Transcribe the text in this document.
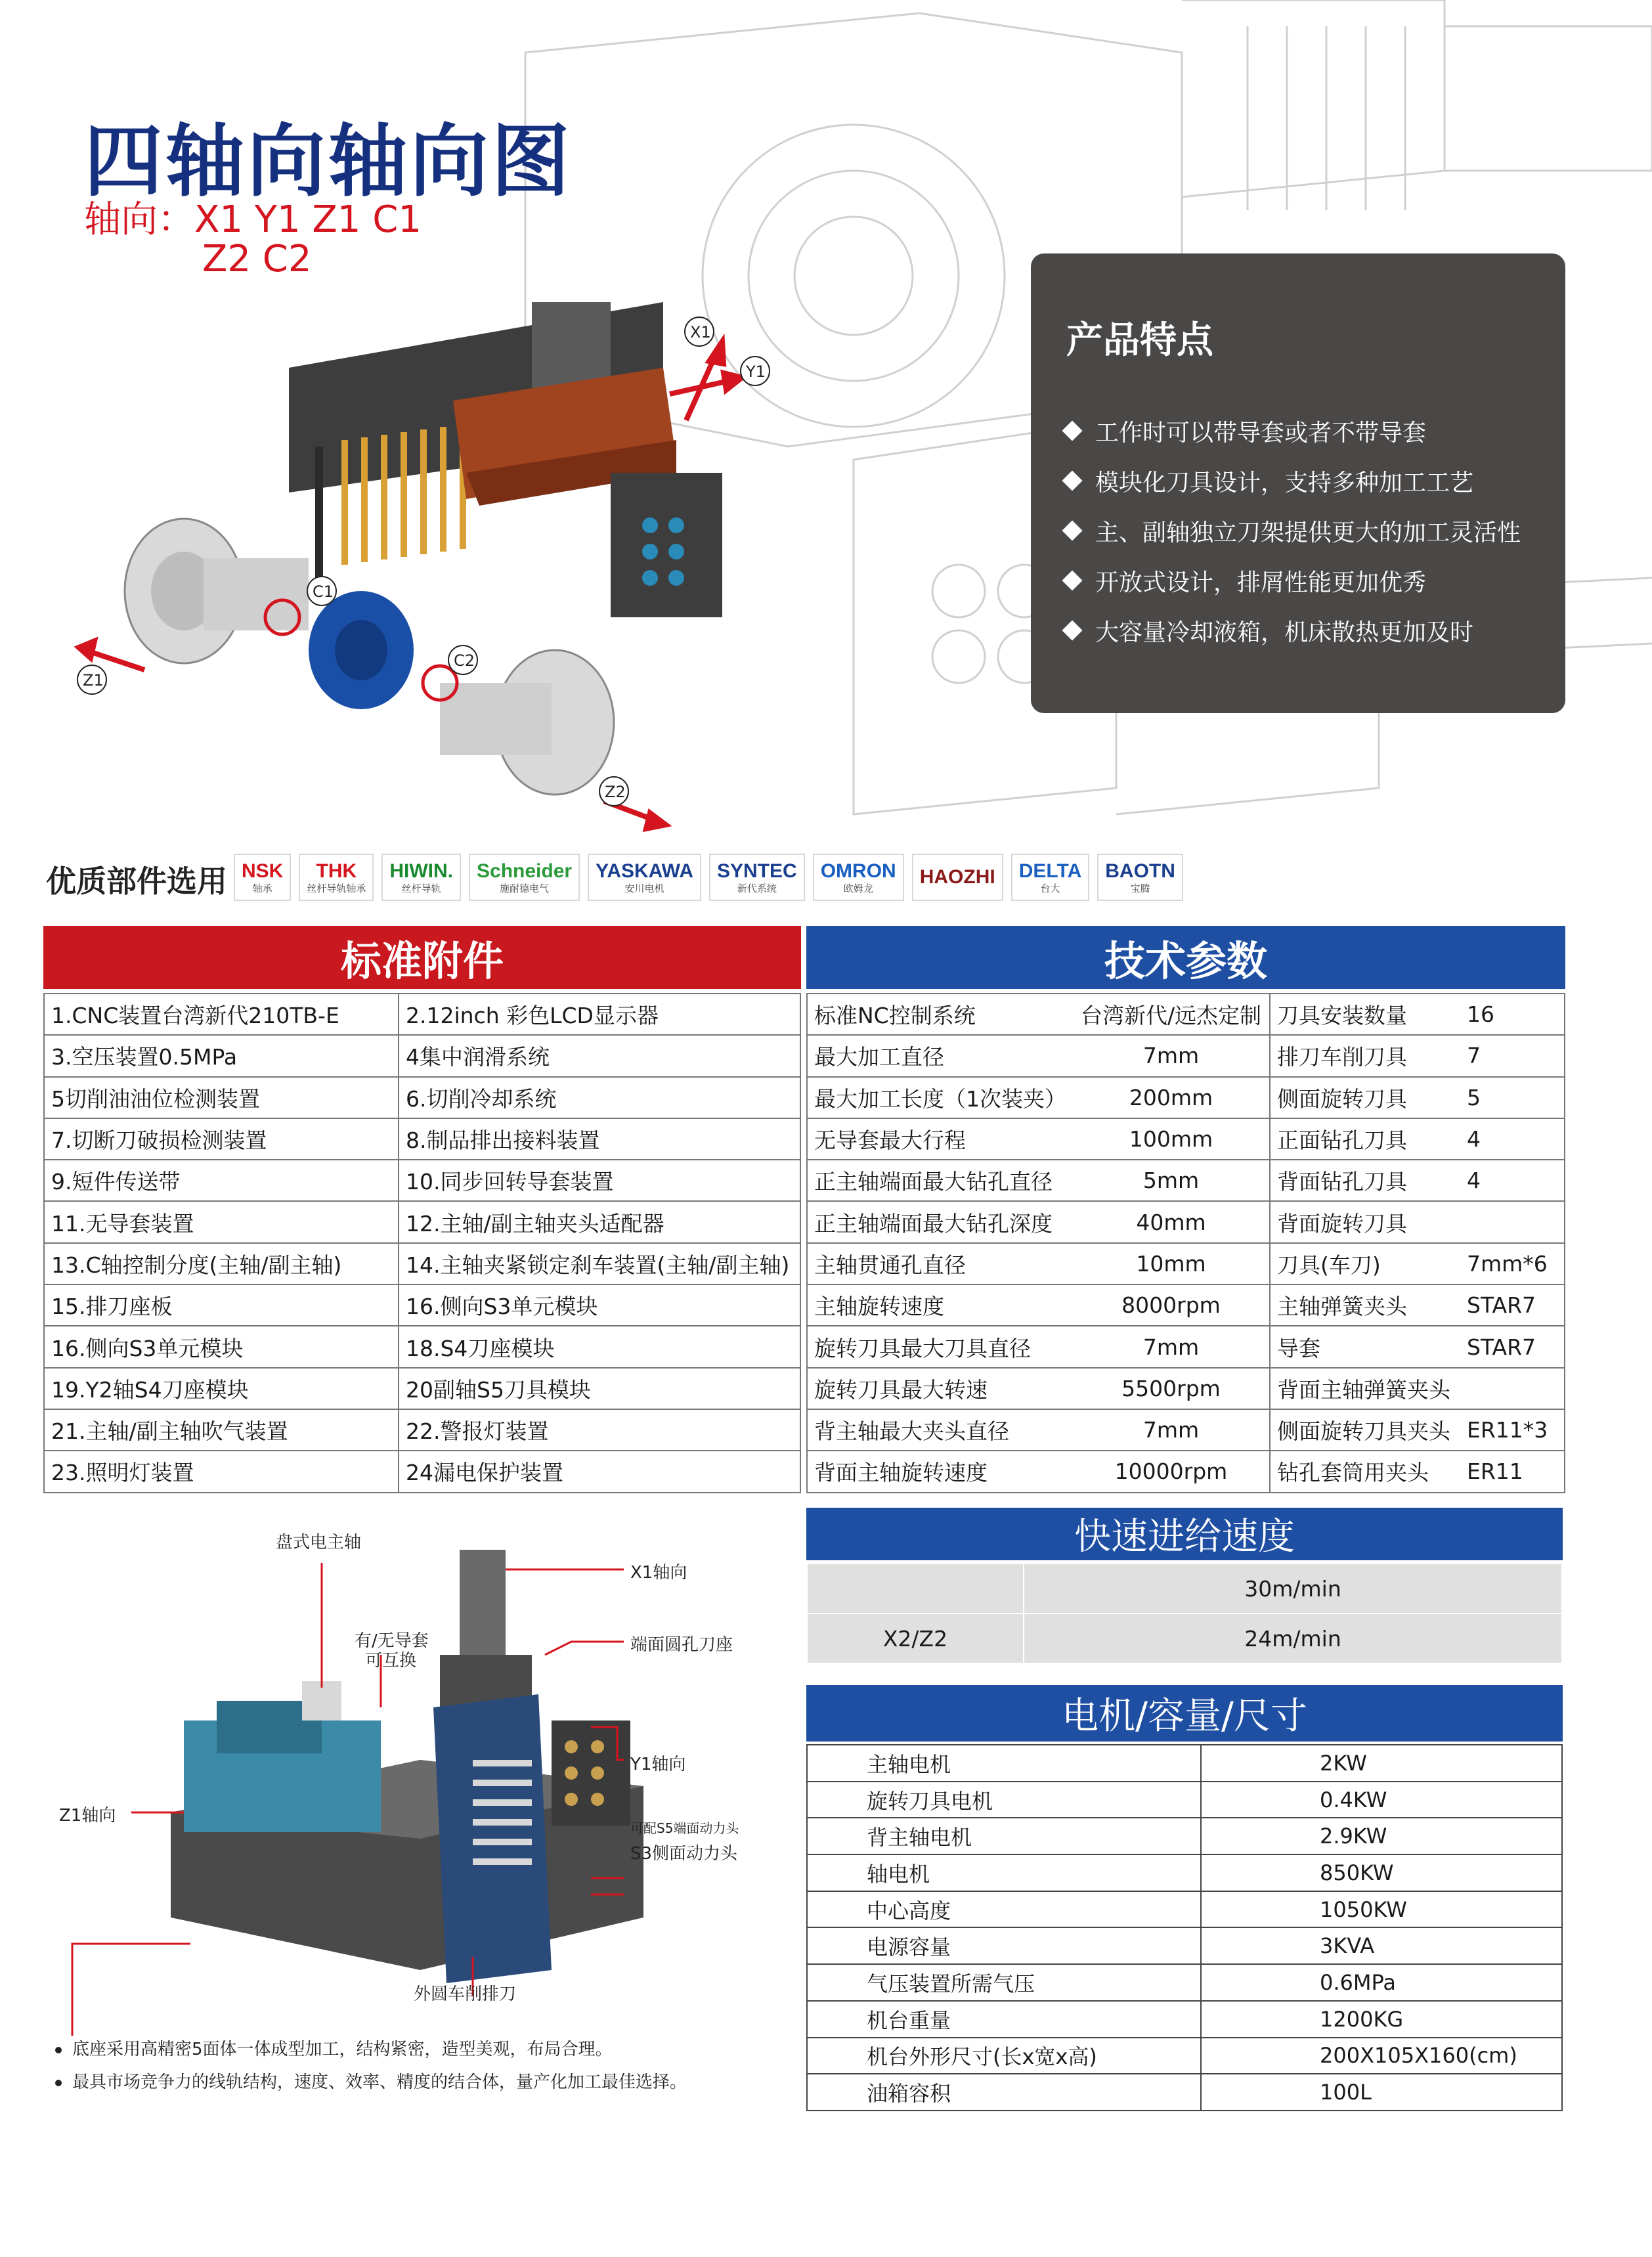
四轴向轴向图
轴向：X1 Y1 Z1 C1
Z2 C2
X1
Y1
Z1
C1
C2
Z2
产品特点
工作时可以带导套或者不带导套
模块化刀具设计，支持多种加工工艺
主、副轴独立刀架提供更大的加工灵活性
开放式设计，排屑性能更加优秀
大容量冷却液箱，机床散热更加及时
优质部件选用 NSK
轴承
THK
丝杆导轨轴承
HIWIN.
丝杆导轨
Schneider
施耐德电气
YASKAWA
安川电机
SYNTEC
新代系统
OMRON
欧姆龙
HAOZHI DELTA
台大
BAOTN
宝腾
标准附件	技术参数
1.CNC装置台湾新代210TB-E	2.12inch 彩色LCD显示器
3.空压装置0.5MPa	4集中润滑系统
5切削油油位检测装置	6.切削冷却系统
7.切断刀破损检测装置	8.制品排出接料装置
9.短件传送带	10.同步回转导套装置
11.无导套装置	12.主轴/副主轴夹头适配器
13.C轴控制分度(主轴/副主轴)	14.主轴夹紧锁定刹车装置(主轴/副主轴)
15.排刀座板	16.侧向S3单元模块
16.侧向S3单元模块	18.S4刀座模块
19.Y2轴S4刀座模块	20副轴S5刀具模块
21.主轴/副主轴吹气装置	22.警报灯装置
23.照明灯装置	24漏电保护装置
标准NC控制系统	台湾新代/远杰定制	刀具安装数量	16
最大加工直径	7mm	排刀车削刀具	7
最大加工长度（1次装夹）	200mm	侧面旋转刀具	5
无导套最大行程	100mm	正面钻孔刀具	4
正主轴端面最大钻孔直径	5mm	背面钻孔刀具	4
正主轴端面最大钻孔深度	40mm	背面旋转刀具	
主轴贯通孔直径	10mm	刀具(车刀)	7mm*6
主轴旋转速度	8000rpm	主轴弹簧夹头	STAR7
旋转刀具最大刀具直径	7mm	导套	STAR7
旋转刀具最大转速	5500rpm	背面主轴弹簧夹头	
背主轴最大夹头直径	7mm	侧面旋转刀具夹头	ER11*3
背面主轴旋转速度	10000rpm	钻孔套筒用夹头	ER11
快速进给速度
	30m/min
X2/Z2	24m/min
电机/容量/尺寸
主轴电机	2KW
旋转刀具电机	0.4KW
背主轴电机	2.9KW
轴电机	850KW
中心高度	1050KW
电源容量	3KVA
气压装置所需气压	0.6MPa
机台重量	1200KG
机台外形尺寸(长x宽x高)	200X105X160(cm)
油箱容积	100L
盘式电主轴
X1轴向
有/无导套
可互换
端面圆孔刀座
Z1轴向
Y1轴向
可配S5端面动力头
S3侧面动力头
外圆车削排刀
底座采用高精密5面体一体成型加工，结构紧密，造型美观，布局合理。
最具市场竞争力的线轨结构，速度、效率、精度的结合体，量产化加工最佳选择。
